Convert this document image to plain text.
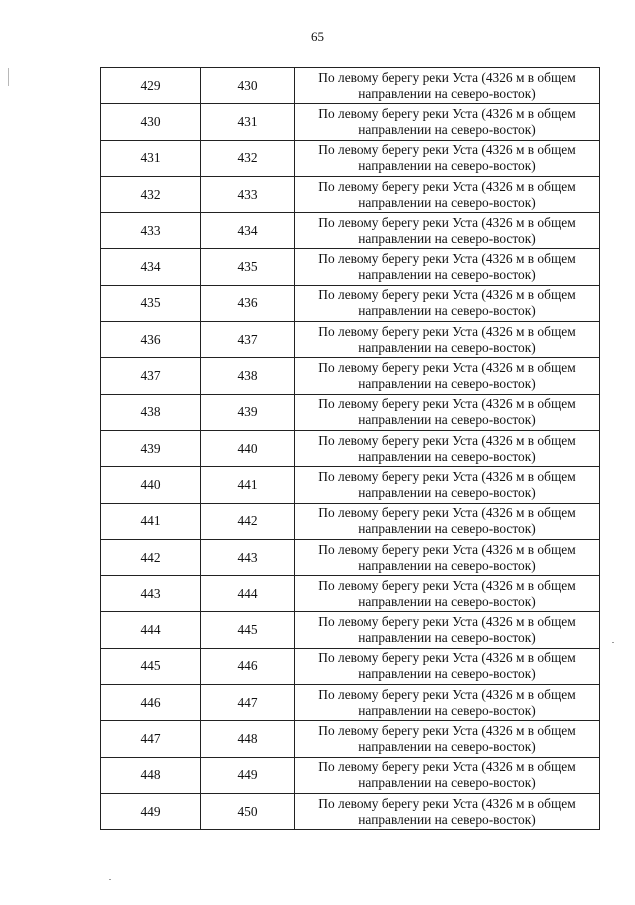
65
429	430	По левому берегу реки Уста (4326 м в общем направлении на северо-восток)
430	431	По левому берегу реки Уста (4326 м в общем направлении на северо-восток)
431	432	По левому берегу реки Уста (4326 м в общем направлении на северо-восток)
432	433	По левому берегу реки Уста (4326 м в общем направлении на северо-восток)
433	434	По левому берегу реки Уста (4326 м в общем направлении на северо-восток)
434	435	По левому берегу реки Уста (4326 м в общем направлении на северо-восток)
435	436	По левому берегу реки Уста (4326 м в общем направлении на северо-восток)
436	437	По левому берегу реки Уста (4326 м в общем направлении на северо-восток)
437	438	По левому берегу реки Уста (4326 м в общем направлении на северо-восток)
438	439	По левому берегу реки Уста (4326 м в общем направлении на северо-восток)
439	440	По левому берегу реки Уста (4326 м в общем направлении на северо-восток)
440	441	По левому берегу реки Уста (4326 м в общем направлении на северо-восток)
441	442	По левому берегу реки Уста (4326 м в общем направлении на северо-восток)
442	443	По левому берегу реки Уста (4326 м в общем направлении на северо-восток)
443	444	По левому берегу реки Уста (4326 м в общем направлении на северо-восток)
444	445	По левому берегу реки Уста (4326 м в общем направлении на северо-восток)
445	446	По левому берегу реки Уста (4326 м в общем направлении на северо-восток)
446	447	По левому берегу реки Уста (4326 м в общем направлении на северо-восток)
447	448	По левому берегу реки Уста (4326 м в общем направлении на северо-восток)
448	449	По левому берегу реки Уста (4326 м в общем направлении на северо-восток)
449	450	По левому берегу реки Уста (4326 м в общем направлении на северо-восток)
